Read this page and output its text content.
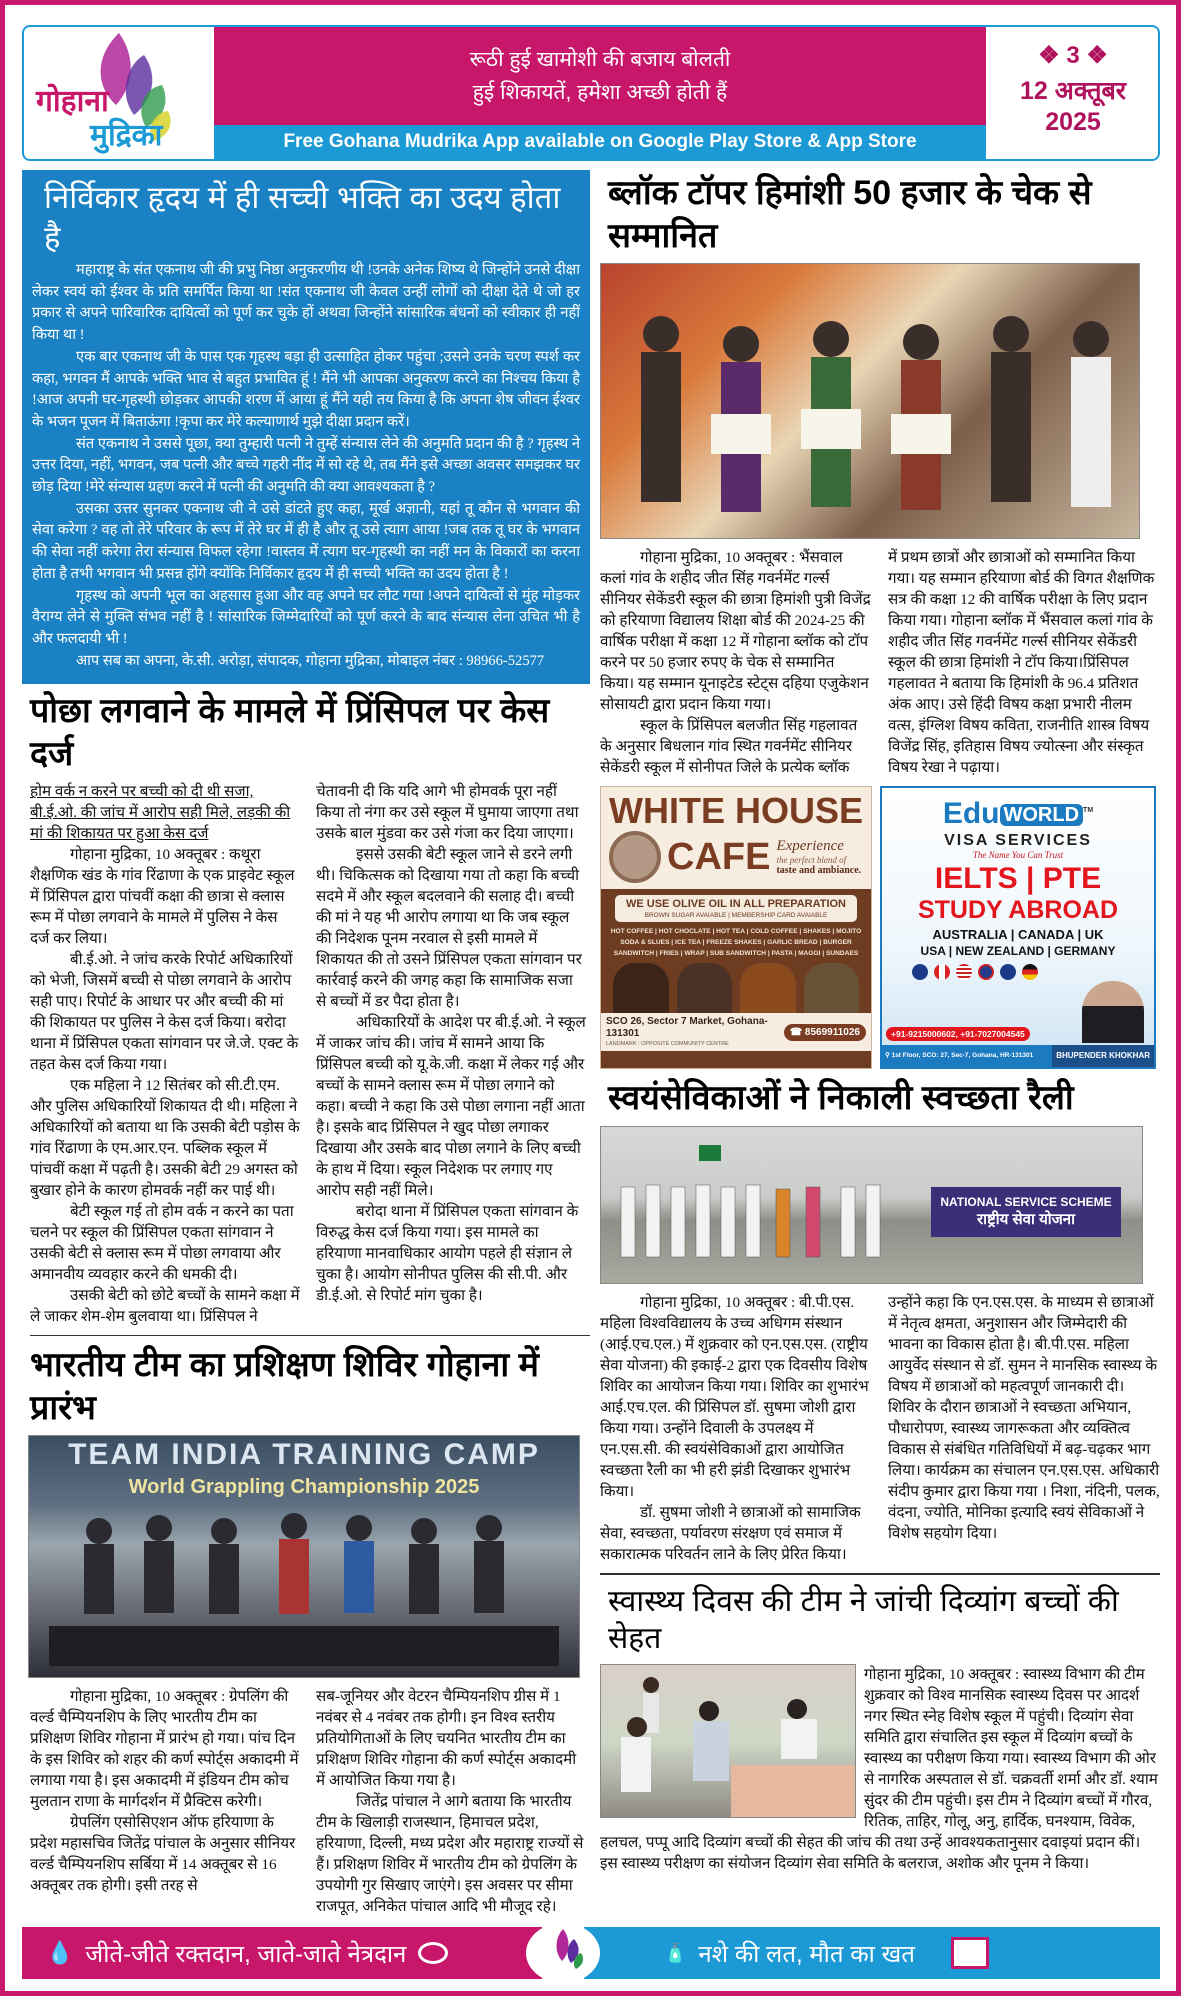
गोहाना
मुद्रिका
रूठी हुई खामोशी की बजाय बोलती
हुई शिकायतें, हमेशा अच्छी होती हैं
Free Gohana Mudrika App available on Google Play Store & App Store
❖ 3 ❖
12 अक्तूबर
2025
निर्विकार हृदय में ही सच्ची भक्ति का उदय होता है

महाराष्ट्र के संत एकनाथ जी की प्रभु निष्ठा अनुकरणीय थी !उनके अनेक शिष्य थे जिन्होंने उनसे दीक्षा लेकर स्वयं को ईश्वर के प्रति समर्पित किया था !संत एकनाथ जी केवल उन्हीं लोगों को दीक्षा देते थे जो हर प्रकार से अपने पारिवारिक दायित्वों को पूर्ण कर चुके हों अथवा जिन्होंने सांसारिक बंधनों को स्वीकार ही नहीं किया था !

एक बार एकनाथ जी के पास एक गृहस्थ बड़ा ही उत्साहित होकर पहुंचा ;उसने उनके चरण स्पर्श कर कहा, भगवन मैं आपके भक्ति भाव से बहुत प्रभावित हूं ! मैंने भी आपका अनुकरण करने का निश्चय किया है !आज अपनी घर-गृहस्थी छोड़कर आपकी शरण में आया हूं मैंने यही तय किया है कि अपना शेष जीवन ईश्वर के भजन पूजन में बिताऊंगा !कृपा कर मेरे कल्याणार्थ मुझे दीक्षा प्रदान करें।

संत एकनाथ ने उससे पूछा, क्या तुम्हारी पत्नी ने तुम्हें संन्यास लेने की अनुमति प्रदान की है ? गृहस्थ ने उत्तर दिया, नहीं, भगवन, जब पत्नी और बच्चे गहरी नींद में सो रहे थे, तब मैंने इसे अच्छा अवसर समझकर घर छोड़ दिया !मेरे संन्यास ग्रहण करने में पत्नी की अनुमति की क्या आवश्यकता है ?

उसका उत्तर सुनकर एकनाथ जी ने उसे डांटते हुए कहा, मूर्ख अज्ञानी, यहां तू कौन से भगवान की सेवा करेगा ? वह तो तेरे परिवार के रूप में तेरे घर में ही है और तू उसे त्याग आया !जब तक तू घर के भगवान की सेवा नहीं करेगा तेरा संन्यास विफल रहेगा !वास्तव में त्याग घर-गृहस्थी का नहीं मन के विकारों का करना होता है तभी भगवान भी प्रसन्न होंगे क्योंकि निर्विकार हृदय में ही सच्ची भक्ति का उदय होता है !

गृहस्थ को अपनी भूल का अहसास हुआ और वह अपने घर लौट गया !अपने दायित्वों से मुंह मोड़कर वैराग्य लेने से मुक्ति संभव नहीं है ! सांसारिक जिम्मेदारियों को पूर्ण करने के बाद संन्यास लेना उचित भी है और फलदायी भी !

आप सब का अपना, के.सी. अरोड़ा, संपादक, गोहाना मुद्रिका, मोबाइल नंबर : 98966-52577

पोछा लगवाने के मामले में प्रिंसिपल पर केस दर्ज

होम वर्क न करने पर बच्ची को दी थी सजा, बी.ई.ओ. की जांच में आरोप सही मिले, लड़की की मां की शिकायत पर हुआ केस दर्ज

गोहाना मुद्रिका, 10 अक्तूबर : कथूरा शैक्षणिक खंड के गांव रिंढाणा के एक प्राइवेट स्कूल में प्रिंसिपल द्वारा पांचवीं कक्षा की छात्रा से क्लास रूम में पोछा लगवाने के मामले में पुलिस ने केस दर्ज कर लिया।

बी.ई.ओ. ने जांच करके रिपोर्ट अधिकारियों को भेजी, जिसमें बच्ची से पोछा लगवाने के आरोप सही पाए। रिपोर्ट के आधार पर और बच्ची की मां की शिकायत पर पुलिस ने केस दर्ज किया। बरोदा थाना में प्रिंसिपल एकता सांगवान पर जे.जे. एक्ट के तहत केस दर्ज किया गया।

एक महिला ने 12 सितंबर को सी.टी.एम. और पुलिस अधिकारियों शिकायत दी थी। महिला ने अधिकारियों को बताया था कि उसकी बेटी पड़ोस के गांव रिंढाणा के एम.आर.एन. पब्लिक स्कूल में पांचवीं कक्षा में पढ़ती है। उसकी बेटी 29 अगस्त को बुखार होने के कारण होमवर्क नहीं कर पाई थी।

बेटी स्कूल गई तो होम वर्क न करने का पता चलने पर स्कूल की प्रिंसिपल एकता सांगवान ने उसकी बेटी से क्लास रूम में पोछा लगवाया और अमानवीय व्यवहार करने की धमकी दी।

उसकी बेटी को छोटे बच्चों के सामने कक्षा में ले जाकर शेम-शेम बुलवाया था। प्रिंसिपल ने

चेतावनी दी कि यदि आगे भी होमवर्क पूरा नहीं किया तो नंगा कर उसे स्कूल में घुमाया जाएगा तथा उसके बाल मुंडवा कर उसे गंजा कर दिया जाएगा।

इससे उसकी बेटी स्कूल जाने से डरने लगी थी। चिकित्सक को दिखाया गया तो कहा कि बच्ची सदमे में और स्कूल बदलवाने की सलाह दी। बच्ची की मां ने यह भी आरोप लगाया था कि जब स्कूल की निदेशक पूनम नरवाल से इसी मामले में शिकायत की तो उसने प्रिंसिपल एकता सांगवान पर कार्रवाई करने की जगह कहा कि सामाजिक सजा से बच्चों में डर पैदा होता है।

अधिकारियों के आदेश पर बी.ई.ओ. ने स्कूल में जाकर जांच की। जांच में सामने आया कि प्रिंसिपल बच्ची को यू.के.जी. कक्षा में लेकर गई और बच्चों के सामने क्लास रूम में पोछा लगाने को कहा। बच्ची ने कहा कि उसे पोछा लगाना नहीं आता है। इसके बाद प्रिंसिपल ने खुद पोछा लगाकर दिखाया और उसके बाद पोछा लगाने के लिए बच्ची के हाथ में दिया। स्कूल निदेशक पर लगाए गए आरोप सही नहीं मिले।

बरोदा थाना में प्रिंसिपल एकता सांगवान के विरुद्ध केस दर्ज किया गया। इस मामले का हरियाणा मानवाधिकार आयोग पहले ही संज्ञान ले चुका है। आयोग सोनीपत पुलिस की सी.पी. और डी.ई.ओ. से रिपोर्ट मांग चुका है।

भारतीय टीम का प्रशिक्षण शिविर गोहाना में प्रारंभ
TEAM INDIA TRAINING CAMP
World Grappling Championship 2025

गोहाना मुद्रिका, 10 अक्तूबर : ग्रेपलिंग की वर्ल्ड चैम्पियनशिप के लिए भारतीय टीम का प्रशिक्षण शिविर गोहाना में प्रारंभ हो गया। पांच दिन के इस शिविर को शहर की कर्ण स्पोर्ट्स अकादमी में लगाया गया है। इस अकादमी में इंडियन टीम कोच मुलतान राणा के मार्गदर्शन में प्रैक्टिस करेगी।

ग्रेपलिंग एसोसिएशन ऑफ हरियाणा के प्रदेश महासचिव जितेंद्र पांचाल के अनुसार सीनियर वर्ल्ड चैम्पियनशिप सर्बिया में 14 अक्तूबर से 16 अक्तूबर तक होगी। इसी तरह से

सब-जूनियर और वेटरन चैम्पियनशिप ग्रीस में 1 नवंबर से 4 नवंबर तक होगी। इन विश्व स्तरीय प्रतियोगिताओं के लिए चयनित भारतीय टीम का प्रशिक्षण शिविर गोहाना की कर्ण स्पोर्ट्स अकादमी में आयोजित किया गया है।

जितेंद्र पांचाल ने आगे बताया कि भारतीय टीम के खिलाड़ी राजस्थान, हिमाचल प्रदेश, हरियाणा, दिल्ली, मध्य प्रदेश और महाराष्ट्र राज्यों से हैं। प्रशिक्षण शिविर में भारतीय टीम को ग्रेपलिंग के उपयोगी गुर सिखाए जाएंगे। इस अवसर पर सीमा राजपूत, अनिकेत पांचाल आदि भी मौजूद रहे।

ब्लॉक टॉपर हिमांशी 50 हजार के चेक से सम्मानित

गोहाना मुद्रिका, 10 अक्तूबर : भैंसवाल कलां गांव के शहीद जीत सिंह गवर्नमेंट गर्ल्स सीनियर सेकेंडरी स्कूल की छात्रा हिमांशी पुत्री विजेंद्र को हरियाणा विद्यालय शिक्षा बोर्ड की 2024-25 की वार्षिक परीक्षा में कक्षा 12 में गोहाना ब्लॉक को टॉप करने पर 50 हजार रुपए के चेक से सम्मानित किया। यह सम्मान यूनाइटेड स्टेट्स दहिया एजुकेशन सोसायटी द्वारा प्रदान किया गया।

स्कूल के प्रिंसिपल बलजीत सिंह गहलावत के अनुसार बिधलान गांव स्थित गवर्नमेंट सीनियर सेकेंडरी स्कूल में सोनीपत जिले के प्रत्येक ब्लॉक

में प्रथम छात्रों और छात्राओं को सम्मानित किया गया। यह सम्मान हरियाणा बोर्ड की विगत शैक्षणिक सत्र की कक्षा 12 की वार्षिक परीक्षा के लिए प्रदान किया गया। गोहाना ब्लॉक में भैंसवाल कलां गांव के शहीद जीत सिंह गवर्नमेंट गर्ल्स सीनियर सेकेंडरी स्कूल की छात्रा हिमांशी ने टॉप किया।प्रिंसिपल गहलावत ने बताया कि हिमांशी के 96.4 प्रतिशत अंक आए। उसे हिंदी विषय कक्षा प्रभारी नीलम वत्स, इंग्लिश विषय कविता, राजनीति शास्त्र विषय विजेंद्र सिंह, इतिहास विषय ज्योत्स्ना और संस्कृत विषय रेखा ने पढ़ाया।

WHITE HOUSE
CAFE Experience
the perfect blend of
taste and ambiance.
WE USE OLIVE OIL IN ALL PREPARATION
BROWN SUGAR AVAIABLE | MEMBERSHIP CARD AVAIABLE
HOT COFFEE | HOT CHOCLATE | HOT TEA | COLD COFFEE | SHAKES | MOJITO
SODA & SLUES | ICE TEA | FREEZE SHAKES | GARLIC BREAD | BURGER
SANDWITCH | FRIES | WRAP | SUB SANDWITCH | PASTA | MAGGI | SUNDAES
SCO 26, Sector 7 Market, Gohana-131301
LANDMARK : OPPOSITE COMMUNITY CENTRE
☎ 8569911026
Edu WORLD ™
VISA SERVICES
The Name You Can Trust
IELTS | PTE
STUDY ABROAD
AUSTRALIA | CANADA | UK
USA | NEW ZEALAND | GERMANY
+91-9215000602, +91-7027004545
⚲ 1st Floor, SCO: 27, Sec-7, Gohana, HR-131301	BHUPENDER KHOKHAR
स्वयंसेविकाओं ने निकाली स्वच्छता रैली
NATIONAL SERVICE SCHEME
राष्ट्रीय सेवा योजना

गोहाना मुद्रिका, 10 अक्तूबर : बी.पी.एस. महिला विश्वविद्यालय के उच्च अधिगम संस्थान (आई.एच.एल.) में शुक्रवार को एन.एस.एस. (राष्ट्रीय सेवा योजना) की इकाई-2 द्वारा एक दिवसीय विशेष शिविर का आयोजन किया गया। शिविर का शुभारंभ आई.एच.एल. की प्रिंसिपल डॉ. सुषमा जोशी द्वारा किया गया। उन्होंने दिवाली के उपलक्ष्य में एन.एस.सी. की स्वयंसेविकाओं द्वारा आयोजित स्वच्छता रैली का भी हरी झंडी दिखाकर शुभारंभ किया।

डॉ. सुषमा जोशी ने छात्राओं को सामाजिक सेवा, स्वच्छता, पर्यावरण संरक्षण एवं समाज में सकारात्मक परिवर्तन लाने के लिए प्रेरित किया।

उन्होंने कहा कि एन.एस.एस. के माध्यम से छात्राओं में नेतृत्व क्षमता, अनुशासन और जिम्मेदारी की भावना का विकास होता है। बी.पी.एस. महिला आयुर्वेद संस्थान से डॉ. सुमन ने मानसिक स्वास्थ्य के विषय में छात्राओं को महत्वपूर्ण जानकारी दी। शिविर के दौरान छात्राओं ने स्वच्छता अभियान, पौधारोपण, स्वास्थ्य जागरूकता और व्यक्तित्व विकास से संबंधित गतिविधियों में बढ़-चढ़कर भाग लिया। कार्यक्रम का संचालन एन.एस.एस. अधिकारी संदीप कुमार द्वारा किया गया । निशा, नंदिनी, पलक, वंदना, ज्योति, मोनिका इत्यादि स्वयं सेविकाओं ने विशेष सहयोग दिया।

स्वास्थ्य दिवस की टीम ने जांची दिव्यांग बच्चों की सेहत

गोहाना मुद्रिका, 10 अक्तूबर : स्वास्थ्य विभाग की टीम शुक्रवार को विश्व मानसिक स्वास्थ्य दिवस पर आदर्श नगर स्थित स्नेह विशेष स्कूल में पहुंची। दिव्यांग सेवा समिति द्वारा संचालित इस स्कूल में दिव्यांग बच्चों के स्वास्थ्य का परीक्षण किया गया। स्वास्थ्य विभाग की ओर से नागरिक अस्पताल से डॉ. चक्रवर्ती शर्मा और डॉ. श्याम सुंदर की टीम पहुंची। इस टीम ने दिव्यांग बच्चों में गौरव, रितिक, ताहिर, गोलू, अनु, हार्दिक, घनश्याम, विवेक, हलचल, पप्पू आदि दिव्यांग बच्चों की सेहत की जांच की तथा उन्हें आवश्यकतानुसार दवाइयां प्रदान कीं। इस स्वास्थ्य परीक्षण का संयोजन दिव्यांग सेवा समिति के बलराज, अशोक और पूनम ने किया।

💧 जीते-जीते रक्तदान, जाते-जाते नेत्रदान	🧴 नशे की लत, मौत का खत
